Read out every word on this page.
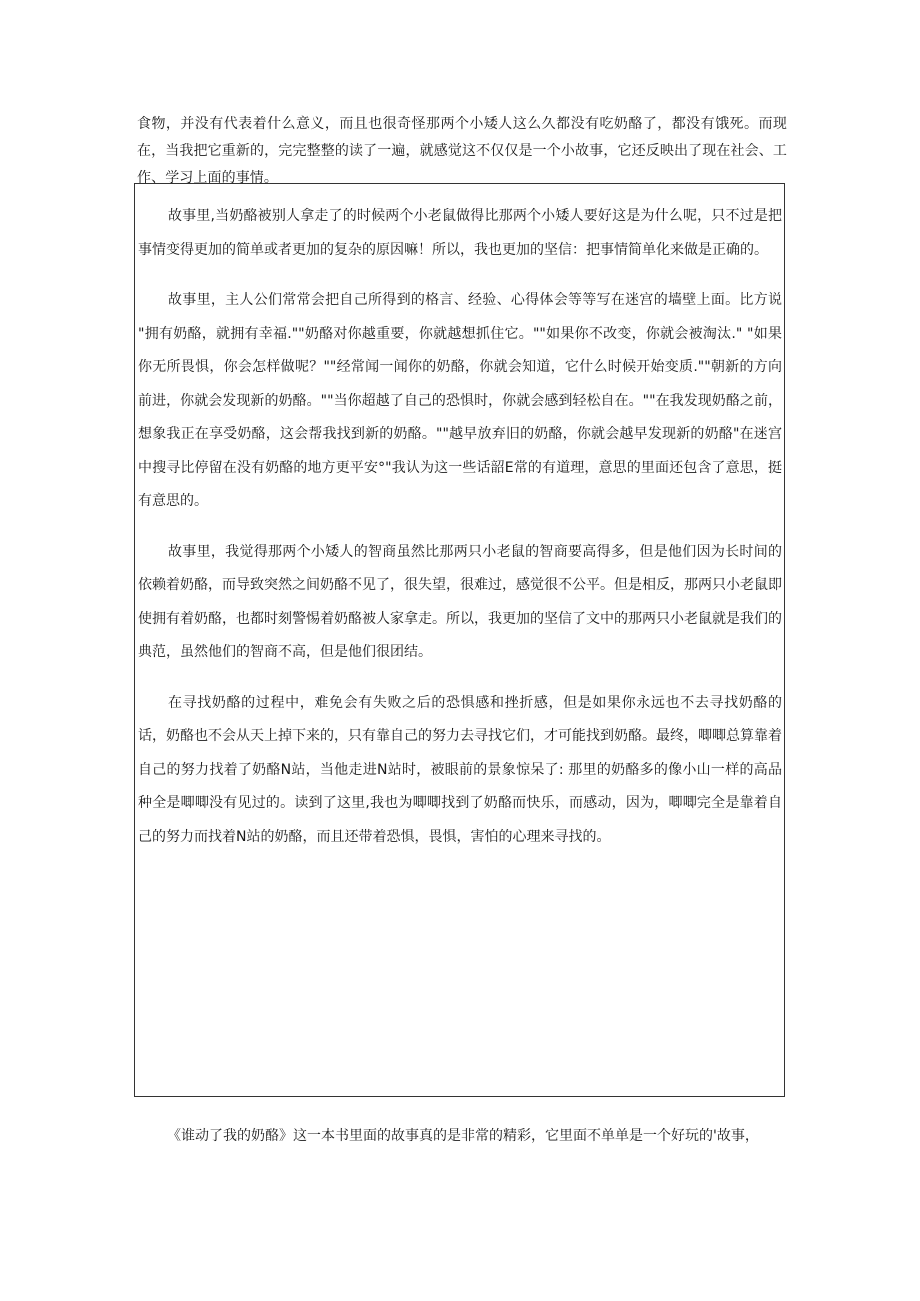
食物，并没有代表着什么意义，而且也很奇怪那两个小矮人这么久都没有吃奶酪了，都没有饿死。而现在，当我把它重新的，完完整整的读了一遍，就感觉这不仅仅是一个小故事，它还反映出了现在社会、工作、学习上面的事情。

故事里,当奶酪被别人拿走了的时候两个小老鼠做得比那两个小矮人要好这是为什么呢，只不过是把事情变得更加的简单或者更加的复杂的原因嘛！所以，我也更加的坚信：把事情简单化来做是正确的。

故事里，主人公们常常会把自己所得到的格言、经验、心得体会等等写在迷宫的墙壁上面。比方说 "拥有奶酪，就拥有幸福.""奶酪对你越重要，你就越想抓住它。""如果你不改变，你就会被淘汰." "如果你无所畏惧，你会怎样做呢？""经常闻一闻你的奶酪，你就会知道，它什么时候开始变质.""朝新的方向前进，你就会发现新的奶酪。""当你超越了自己的恐惧时，你就会感到轻松自在。""在我发现奶酪之前，想象我正在享受奶酪，这会帮我找到新的奶酪。""越早放弃旧的奶酪，你就会越早发现新的奶酪"在迷宫中搜寻比停留在没有奶酪的地方更平安°"我认为这一些话韶E常的有道理，意思的里面还包含了意思，挺有意思的。

故事里，我觉得那两个小矮人的智商虽然比那两只小老鼠的智商要高得多，但是他们因为长时间的依赖着奶酪，而导致突然之间奶酪不见了，很失望，很难过，感觉很不公平。但是相反，那两只小老鼠即使拥有着奶酪，也都时刻警惕着奶酪被人家拿走。所以，我更加的坚信了文中的那两只小老鼠就是我们的典范，虽然他们的智商不高，但是他们很团结。

在寻找奶酪的过程中，难免会有失败之后的恐惧感和挫折感，但是如果你永远也不去寻找奶酪的话，奶酪也不会从天上掉下来的，只有靠自己的努力去寻找它们，才可能找到奶酪。最终，唧唧总算靠着自己的努力找着了奶酪N站，当他走进N站时，被眼前的景象惊呆了: 那里的奶酪多的像小山一样的高品种全是唧唧没有见过的。读到了这里,我也为唧唧找到了奶酪而快乐，而感动，因为，唧唧完全是靠着自己的努力而找着N站的奶酪，而且还带着恐惧，畏惧，害怕的心理来寻找的。

《谁动了我的奶酪》这一本书里面的故事真的是非常的精彩，它里面不单单是一个好玩的'故事，
